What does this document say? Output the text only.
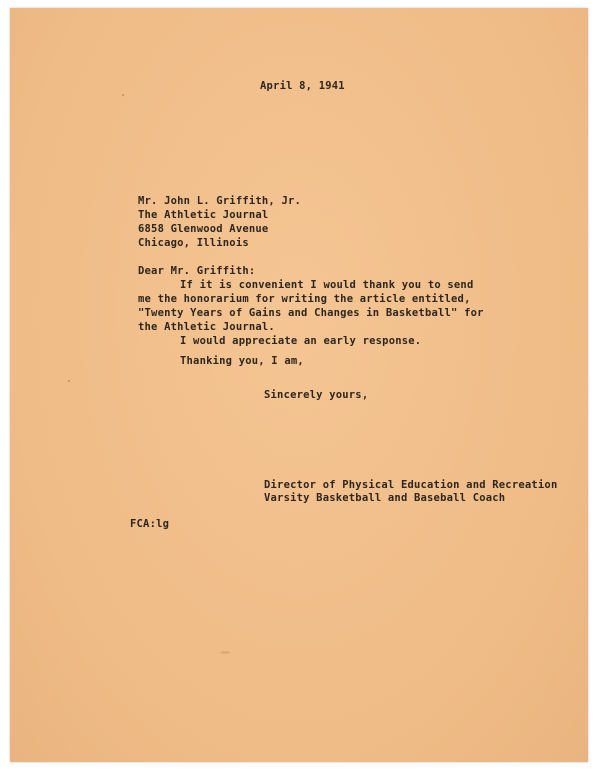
April 8, 1941
Mr. John L. Griffith, Jr.
The Athletic Journal
6858 Glenwood Avenue
Chicago, Illinois
Dear Mr. Griffith:
If it is convenient I would thank you to send
me the honorarium for writing the article entitled,
"Twenty Years of Gains and Changes in Basketball" for
the Athletic Journal.
I would appreciate an early response.
Thanking you, I am,
Sincerely yours,
Director of Physical Education and Recreation
Varsity Basketball and Baseball Coach
FCA:lg
